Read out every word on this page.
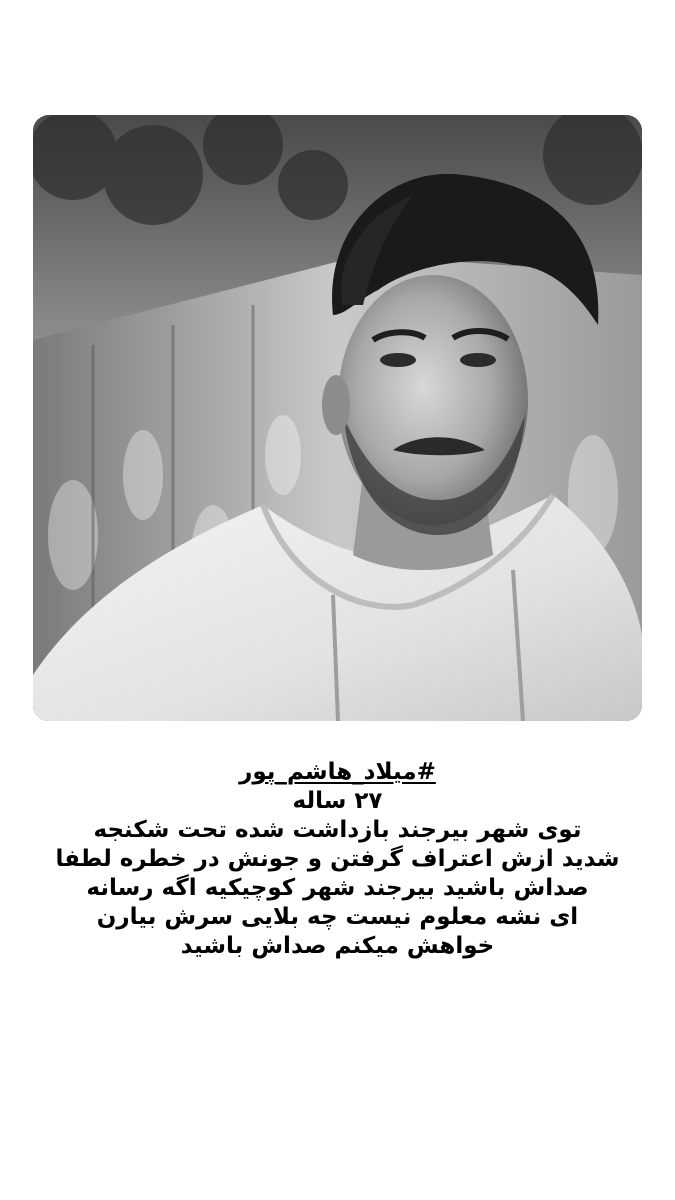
#میلاد_هاشم_پور
۲۷ ساله
توی شهر بیرجند بازداشت شده تحت شکنجه
شدید ازش اعتراف گرفتن و جونش در خطره لطفا
صداش باشید بیرجند شهر کوچیکیه اگه رسانه
ای نشه معلوم نیست چه بلایی سرش بیارن
خواهش میکنم صداش باشید
